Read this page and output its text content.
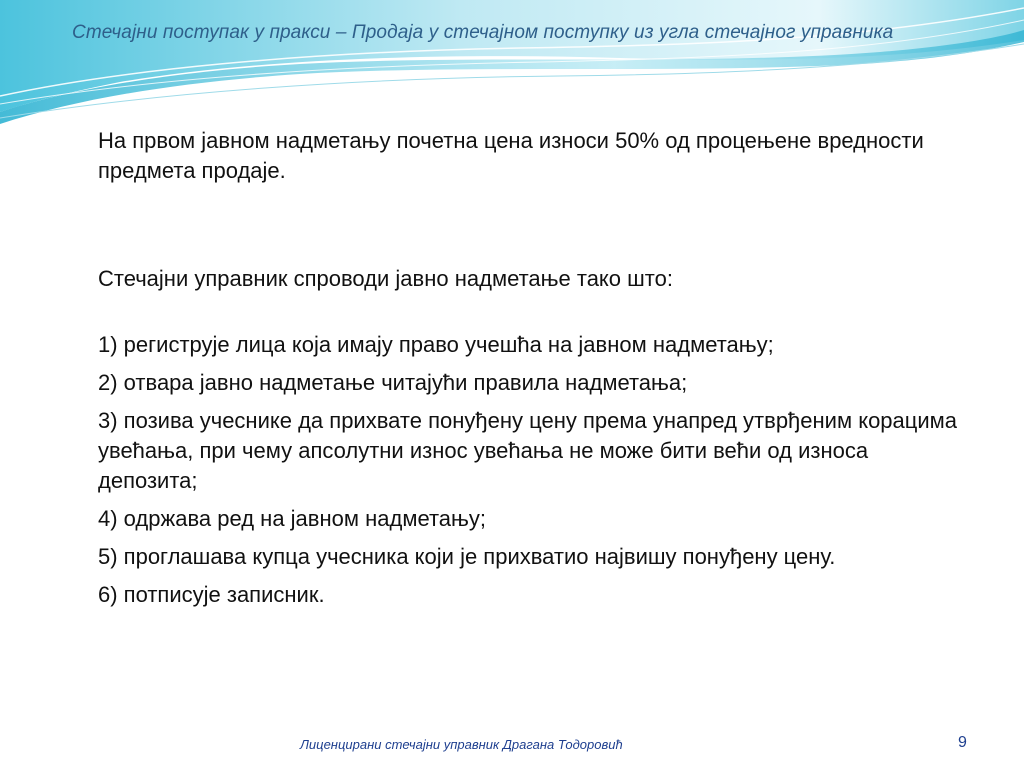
Стечајни поступак у пракси – Продаја у стечајном поступку из угла стечајног управника

На првом јавном надметању почетна цена износи 50% од процењене вредности предмета продаје.

Стечајни управник спроводи јавно надметање тако што:

1) региструје лица која имају право учешћа на јавном надметању;
2) отвара јавно надметање читајући правила надметања;
3) позива учеснике да прихвате понуђену цену према унапред утврђеним корацима увећања, при чему апсолутни износ увећања не може бити већи од износа депозита;
4) одржава ред на јавном надметању;
5) проглашава купца учесника који је прихватио највишу понуђену цену.
6) потписује записник.
Лиценцирани стечајни управник Драгана Тодоровић	9
